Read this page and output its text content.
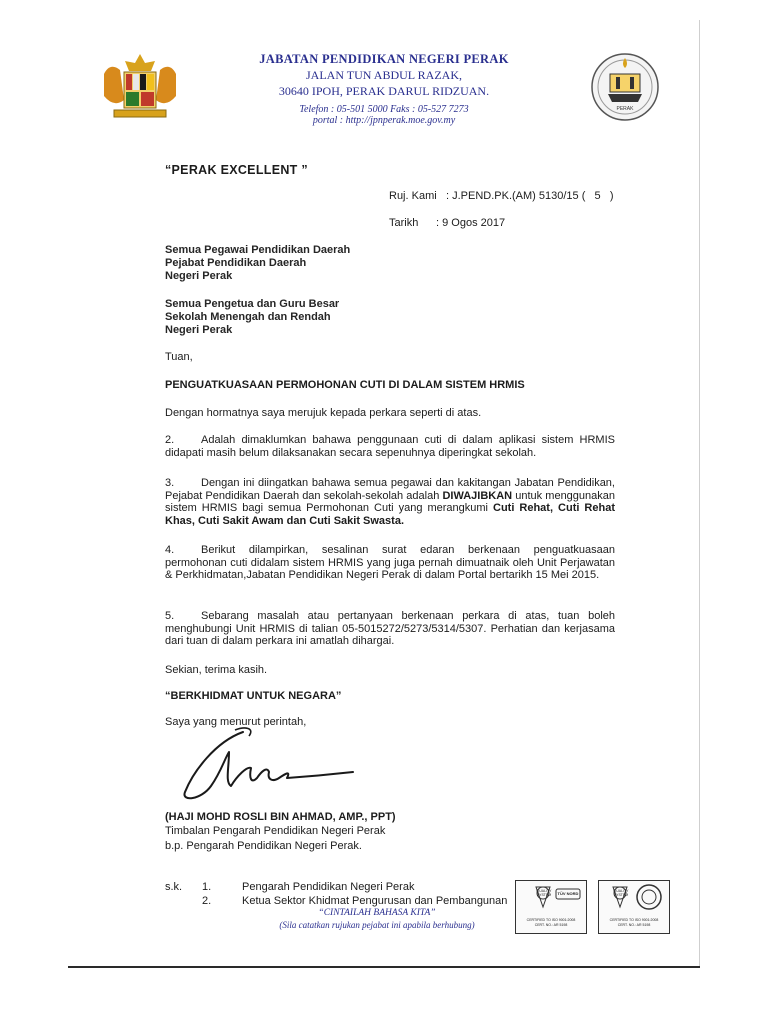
JABATAN PENDIDIKAN NEGERI PERAK
JALAN TUN ABDUL RAZAK,
30640 IPOH, PERAK DARUL RIDZUAN.
Telefon : 05-501 5000 Faks : 05-527 7273
portal : http://jpnperak.moe.gov.my
PERAK
“PERAK EXCELLENT ”
Ruj. Kami : J.PEND.PK.(AM) 5130/15 (   5   )
Tarikh : 9 Ogos 2017
Semua Pegawai Pendidikan Daerah
Pejabat Pendidikan Daerah
Negeri Perak
Semua Pengetua dan Guru Besar
Sekolah Menengah dan Rendah
Negeri Perak
Tuan,
PENGUATKUASAAN PERMOHONAN CUTI DI DALAM SISTEM HRMIS
Dengan hormatnya saya merujuk kepada perkara seperti di atas.
2. Adalah dimaklumkan bahawa penggunaan cuti di dalam aplikasi sistem HRMIS didapati masih belum dilaksanakan secara sepenuhnya diperingkat sekolah.
3. Dengan ini diingatkan bahawa semua pegawai dan kakitangan Jabatan Pendidikan, Pejabat Pendidikan Daerah dan sekolah-sekolah adalah DIWAJIBKAN untuk menggunakan sistem HRMIS bagi semua Permohonan Cuti yang merangkumi Cuti Rehat, Cuti Rehat Khas, Cuti Sakit Awam dan Cuti Sakit Swasta.
4. Berikut dilampirkan, sesalinan surat edaran berkenaan penguatkuasaan permohonan cuti didalam sistem HRMIS yang juga pernah dimuatnaik oleh Unit Perjawatan & Perkhidmatan,Jabatan Pendidikan Negeri Perak di dalam Portal bertarikh 15 Mei 2015.
5. Sebarang masalah atau pertanyaan berkenaan perkara di atas, tuan boleh menghubungi Unit HRMIS di talian 05-5015272/5273/5314/5307. Perhatian dan kerjasama dari tuan di dalam perkara ini amatlah dihargai.
Sekian, terima kasih.
“BERKHIDMAT UNTUK NEGARA”
Saya yang menurut perintah,
(HAJI MOHD ROSLI BIN AHMAD, AMP., PPT)
Timbalan Pengarah Pendidikan Negeri Perak
b.p. Pengarah Pendidikan Negeri Perak.
s.k. 1.	Pengarah Pendidikan Negeri Perak
2.	Ketua Sektor Khidmat Pengurusan dan Pembangunan
“CINTAILAH BAHASA KITA”
(Sila catatkan rujukan pejabat ini apabila berhubung)
QUALITY SYSTEM	TÜV NORD
CERTIFIED TO ISO 9001:2008
CERT. NO.: AR 5198
QUALITY SYSTEM
CERTIFIED TO ISO 9001:2008
CERT. NO.: AR 5198
